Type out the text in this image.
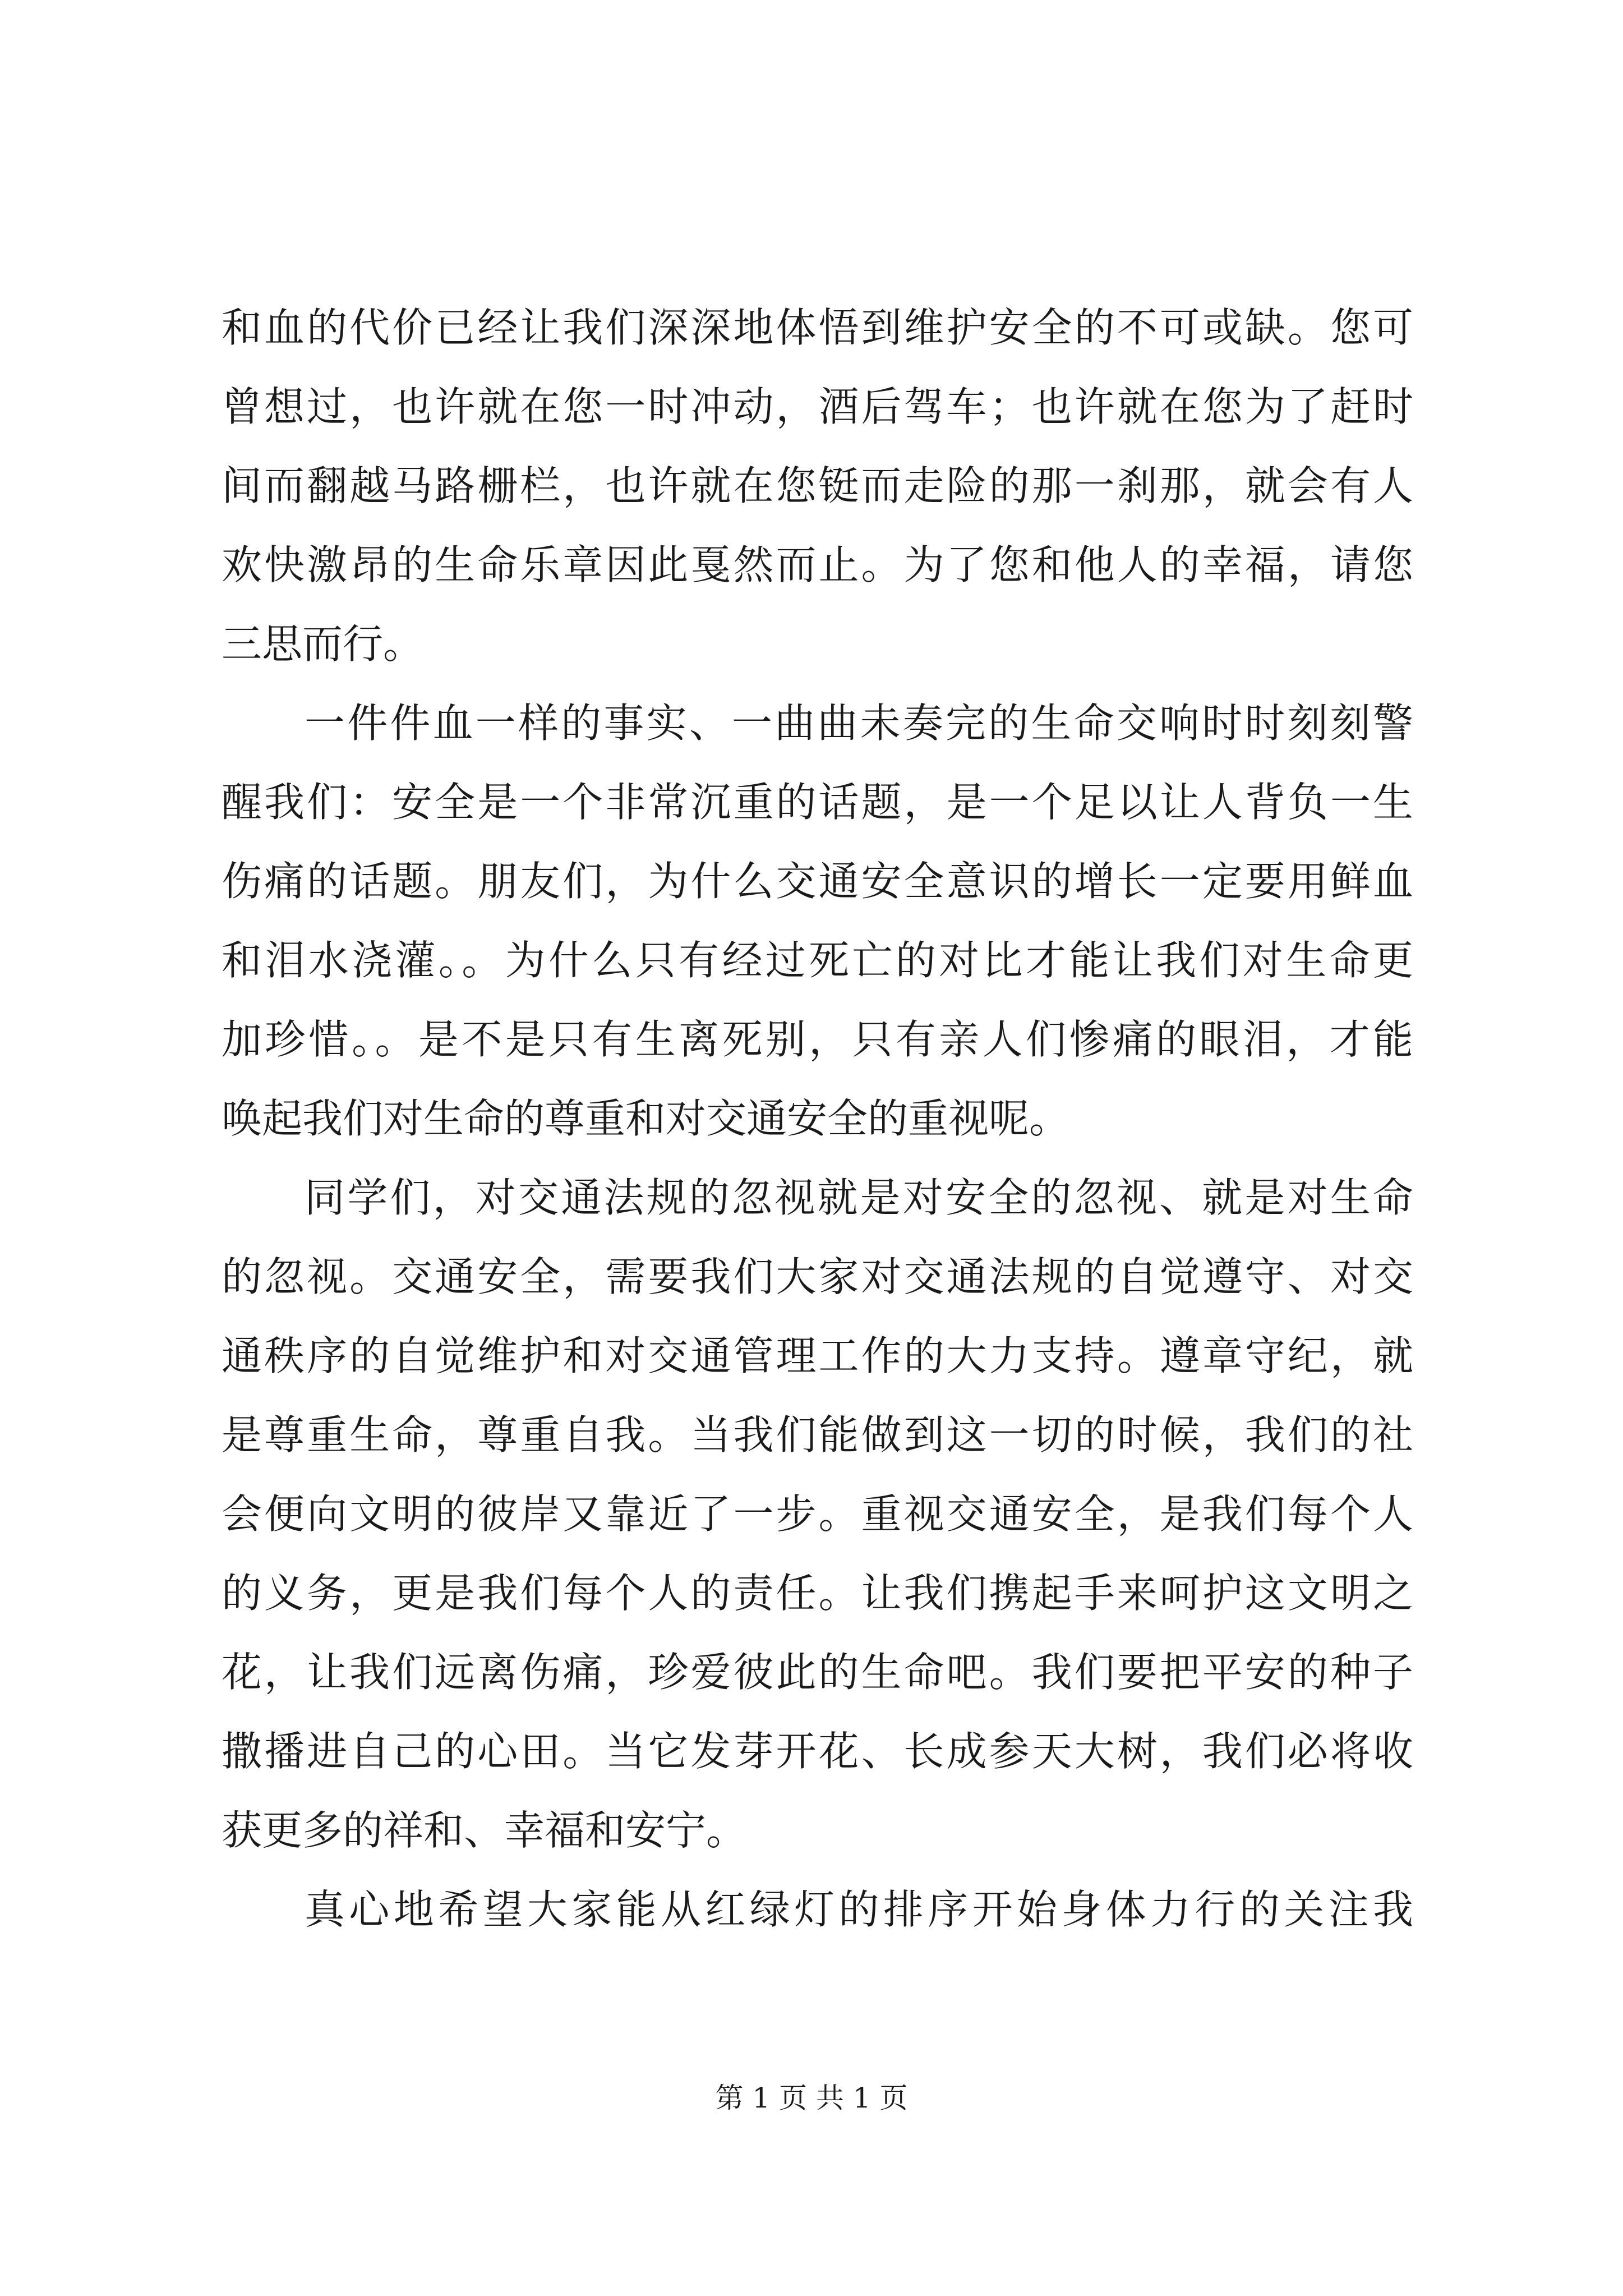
和血的代价已经让我们深深地体悟到维护安全的不可或缺。您可
曾想过，也许就在您一时冲动，酒后驾车；也许就在您为了赶时
间而翻越马路栅栏，也许就在您铤而走险的那一刹那，就会有人
欢快激昂的生命乐章因此戛然而止。为了您和他人的幸福，请您
三思而行。
一件件血一样的事实、一曲曲未奏完的生命交响时时刻刻警
醒我们：安全是一个非常沉重的话题，是一个足以让人背负一生
伤痛的话题。朋友们，为什么交通安全意识的增长一定要用鲜血
和泪水浇灌。。为什么只有经过死亡的对比才能让我们对生命更
加珍惜。。是不是只有生离死别，只有亲人们惨痛的眼泪，才能
唤起我们对生命的尊重和对交通安全的重视呢。
同学们，对交通法规的忽视就是对安全的忽视、就是对生命
的忽视。交通安全，需要我们大家对交通法规的自觉遵守、对交
通秩序的自觉维护和对交通管理工作的大力支持。遵章守纪，就
是尊重生命，尊重自我。当我们能做到这一切的时候，我们的社
会便向文明的彼岸又靠近了一步。重视交通安全，是我们每个人
的义务，更是我们每个人的责任。让我们携起手来呵护这文明之
花，让我们远离伤痛，珍爱彼此的生命吧。我们要把平安的种子
撒播进自己的心田。当它发芽开花、长成参天大树，我们必将收
获更多的祥和、幸福和安宁。
真心地希望大家能从红绿灯的排序开始身体力行的关注我
第 1 页 共 1 页
